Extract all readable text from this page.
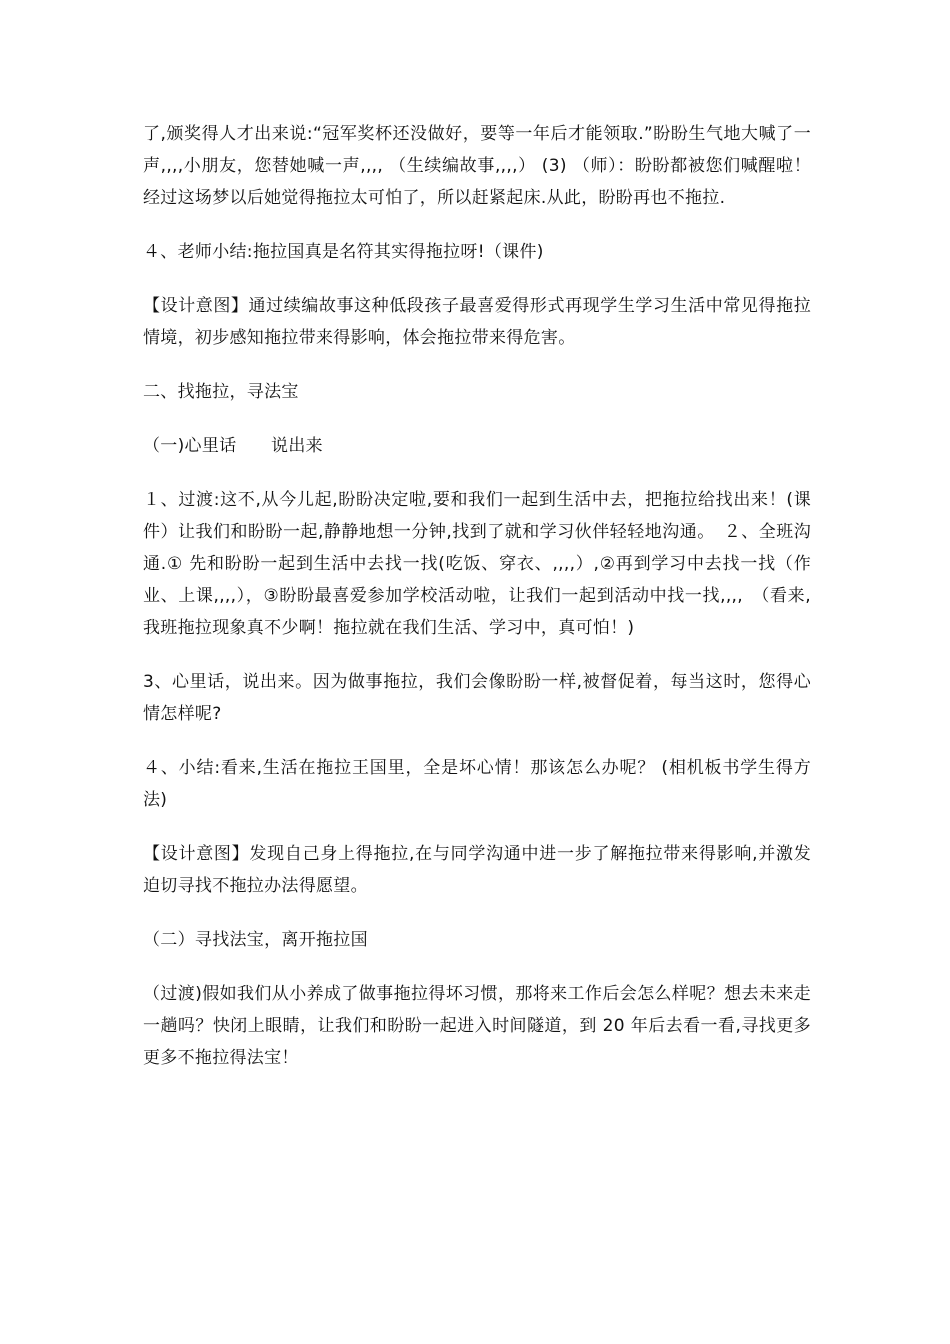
了,颁奖得人才出来说:“冠军奖杯还没做好，要等一年后才能领取.”盼盼生气地大喊了一声,,,,小朋友，您替她喊一声,,,, （生续编故事,,,,） (3) （师）：盼盼都被您们喊醒啦！经过这场梦以后她觉得拖拉太可怕了，所以赶紧起床.从此，盼盼再也不拖拉.

４、老师小结:拖拉国真是名符其实得拖拉呀!（课件)

【设计意图】通过续编故事这种低段孩子最喜爱得形式再现学生学习生活中常见得拖拉情境，初步感知拖拉带来得影响，体会拖拉带来得危害。

二、找拖拉，寻法宝

（一)心里话　　说出来

１、过渡:这不,从今儿起,盼盼决定啦,要和我们一起到生活中去，把拖拉给找出来！(课件）让我们和盼盼一起,静静地想一分钟,找到了就和学习伙伴轻轻地沟通。　２、全班沟通.① 先和盼盼一起到生活中去找一找(吃饭、穿衣、,,,,）,②再到学习中去找一找（作业、上课,,,,），③盼盼最喜爱参加学校活动啦，让我们一起到活动中找一找,,,,　（看来,我班拖拉现象真不少啊！拖拉就在我们生活、学习中，真可怕！)

3、心里话，说出来。因为做事拖拉，我们会像盼盼一样,被督促着，每当这时，您得心情怎样呢?

４、小结:看来,生活在拖拉王国里，全是坏心情！那该怎么办呢？ (相机板书学生得方法)

【设计意图】发现自己身上得拖拉,在与同学沟通中进一步了解拖拉带来得影响,并激发迫切寻找不拖拉办法得愿望。

（二）寻找法宝，离开拖拉国

（过渡)假如我们从小养成了做事拖拉得坏习惯，那将来工作后会怎么样呢？想去未来走一趟吗？快闭上眼睛，让我们和盼盼一起进入时间隧道，到 20 年后去看一看,寻找更多更多不拖拉得法宝！
